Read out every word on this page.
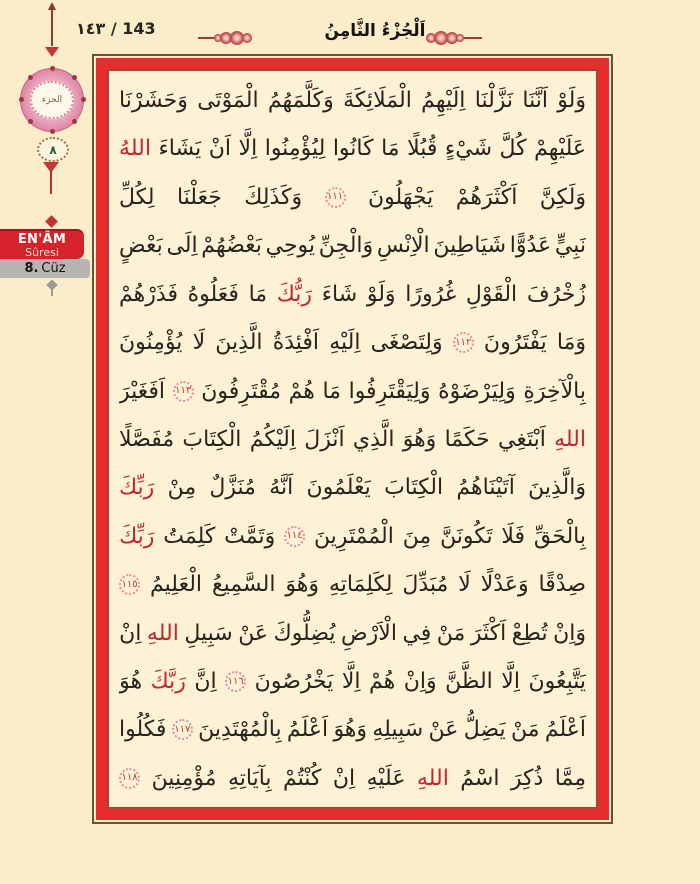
١٤٣ / 143	اَلْجُزْءُ الثَّامِنُ
الجزء
٨
EN'ÂM
Sûresi
8. Cüz
وَلَوْ
اَنَّنَا
نَزَّلْنَا
اِلَيْهِمُ
الْمَلَائِكَةَ
وَكَلَّمَهُمُ
الْمَوْتَى
وَحَشَرْنَا
عَلَيْهِمْ
كُلَّ
شَيْءٍ
قُبُلًا
مَا
كَانُوا
لِيُؤْمِنُوا
اِلَّا
اَنْ
يَشَاءَ
اللهُ
وَلَكِنَّ
اَكْثَرَهُمْ
يَجْهَلُونَ
١١١
وَكَذَلِكَ
جَعَلْنَا
لِكُلِّ
نَبِيٍّ
عَدُوًّا
شَيَاطِينَ
الْاِنْسِ
وَالْجِنِّ
يُوحِي
بَعْضُهُمْ
اِلَى
بَعْضٍ
زُخْرُفَ
الْقَوْلِ
غُرُورًا
وَلَوْ
شَاءَ
رَبُّكَ
مَا
فَعَلُوهُ
فَذَرْهُمْ
وَمَا
يَفْتَرُونَ
١١٢
وَلِتَصْغَى
اِلَيْهِ
اَفْئِدَةُ
الَّذِينَ
لَا
يُؤْمِنُونَ
بِالْآخِرَةِ
وَلِيَرْضَوْهُ
وَلِيَقْتَرِفُوا
مَا
هُمْ
مُقْتَرِفُونَ
١١٣
اَفَغَيْرَ
اللهِ
اَبْتَغِي
حَكَمًا
وَهُوَ
الَّذِي
اَنْزَلَ
اِلَيْكُمُ
الْكِتَابَ
مُفَصَّلًا
وَالَّذِينَ
آتَيْنَاهُمُ
الْكِتَابَ
يَعْلَمُونَ
اَنَّهُ
مُنَزَّلٌ
مِنْ
رَبِّكَ
بِالْحَقِّ
فَلَا
تَكُونَنَّ
مِنَ
الْمُمْتَرِينَ
١١٤
وَتَمَّتْ
كَلِمَتُ
رَبِّكَ
صِدْقًا
وَعَدْلًا
لَا
مُبَدِّلَ
لِكَلِمَاتِهِ
وَهُوَ
السَّمِيعُ
الْعَلِيمُ
١١٥
وَاِنْ
تُطِعْ
اَكْثَرَ
مَنْ
فِي
الْاَرْضِ
يُضِلُّوكَ
عَنْ
سَبِيلِ
اللهِ
اِنْ
يَتَّبِعُونَ
اِلَّا
الظَّنَّ
وَاِنْ
هُمْ
اِلَّا
يَخْرُصُونَ
١١٦
اِنَّ
رَبَّكَ
هُوَ
اَعْلَمُ
مَنْ
يَضِلُّ
عَنْ
سَبِيلِهِ
وَهُوَ
اَعْلَمُ
بِالْمُهْتَدِينَ
١١٧
فَكُلُوا
مِمَّا
ذُكِرَ
اسْمُ
اللهِ
عَلَيْهِ
اِنْ
كُنْتُمْ
بِآيَاتِهِ
مُؤْمِنِينَ
١١٨
